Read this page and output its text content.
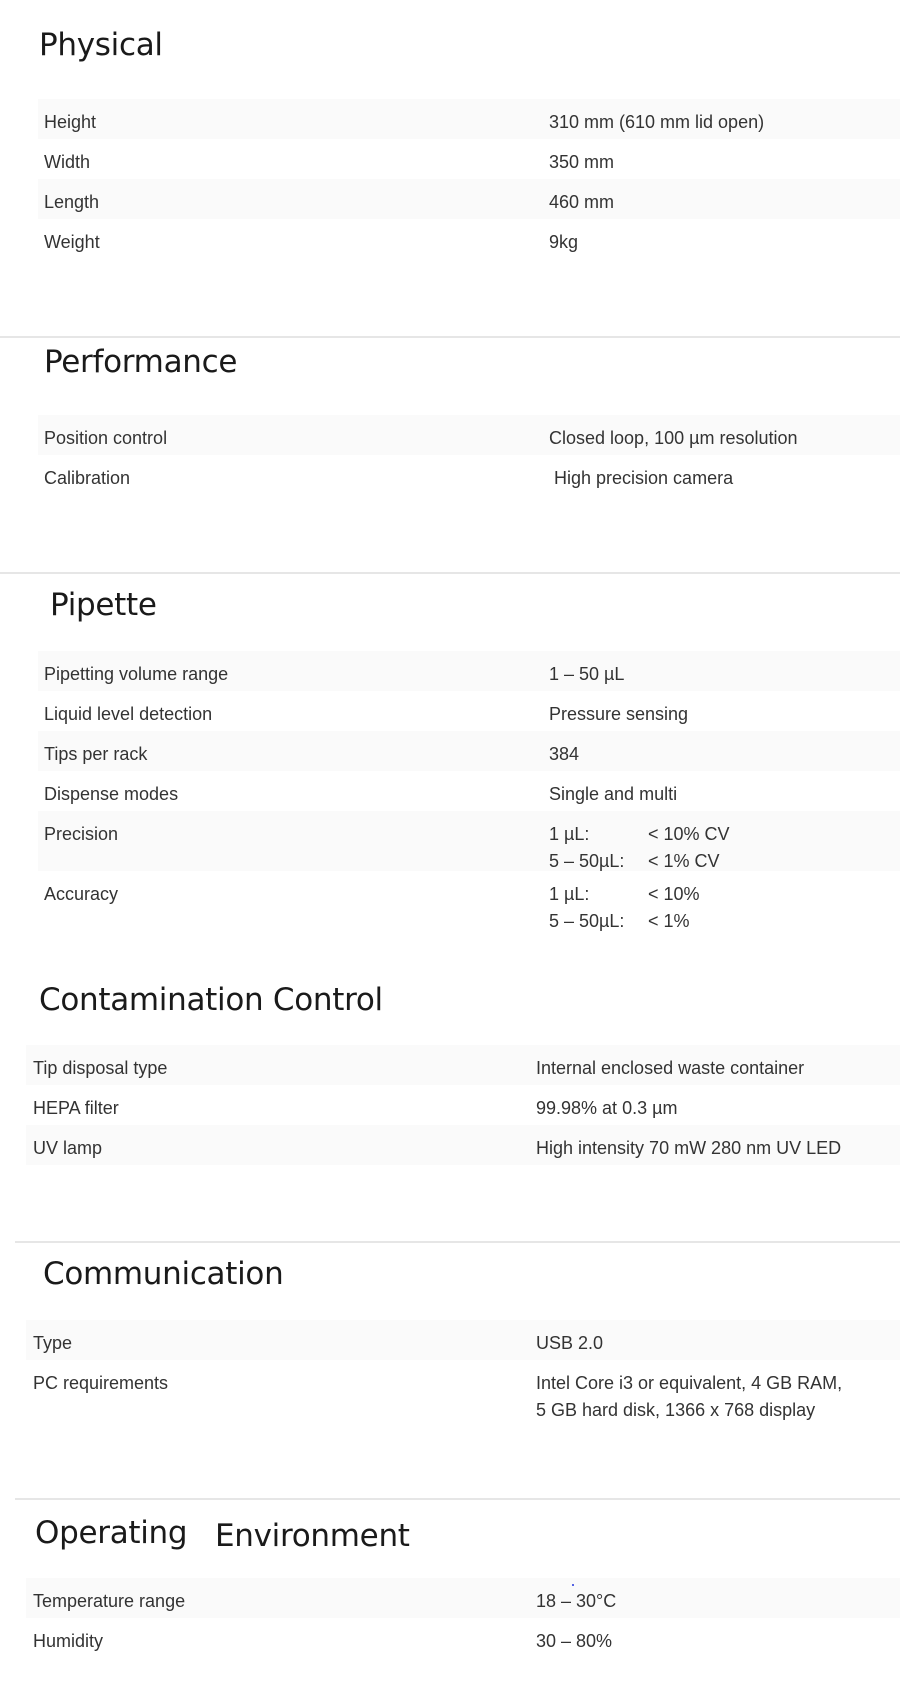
Physical
Height	310 mm (610 mm lid open)
Width	350 mm
Length	460 mm
Weight	9kg
Performance
Position control	Closed loop, 100 µm resolution
Calibration	High precision camera
Pipette
Pipetting volume range	1 – 50 µL
Liquid level detection	Pressure sensing
Tips per rack	384
Dispense modes	Single and multi
Precision	1 µL:	< 10% CV
5 – 50µL: < 1% CV
Accuracy	1 µL:	< 10%
5 – 50µL: < 1%
Contamination Control
Tip disposal type	Internal enclosed waste container
HEPA filter	99.98% at 0.3 µm
UV lamp	High intensity 70 mW 280 nm UV LED
Communication
Type	USB 2.0
PC requirements	Intel Core i3 or equivalent, 4 GB RAM,
5 GB hard disk, 1366 x 768 display
Operating Environment
Temperature range	18 – 30°C
Humidity	30 – 80%
